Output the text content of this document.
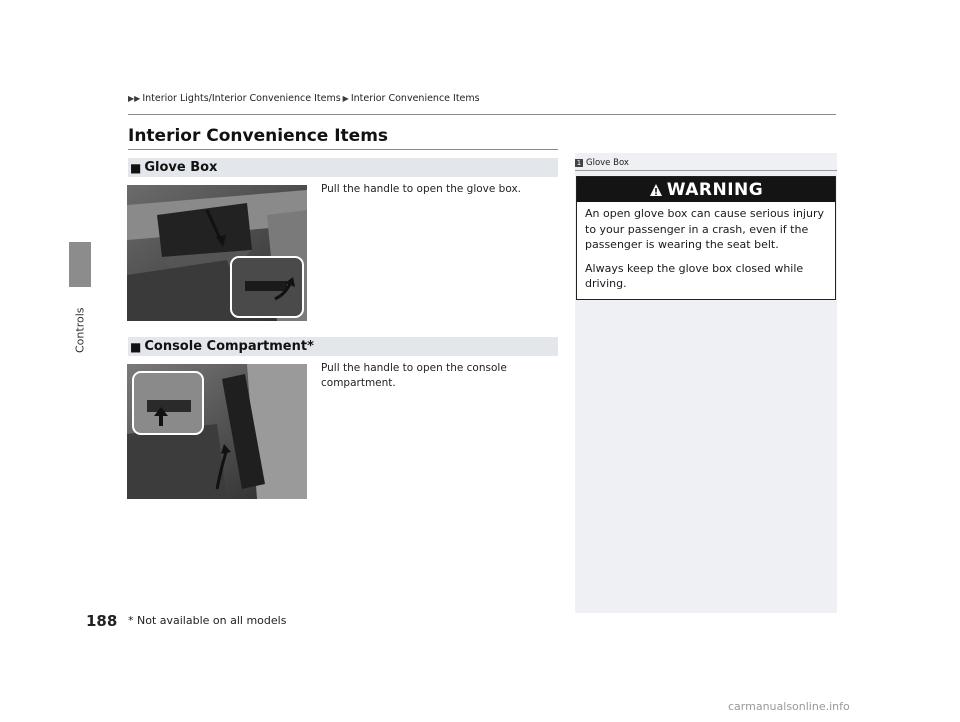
Controls
▶▶ Interior Lights/Interior Convenience Items ▶ Interior Convenience Items
Interior Convenience Items
■ Glove Box
Pull the handle to open the glove box.
■ Console Compartment *
Pull the handle to open the console compartment.
1 Glove Box
WARNING

An open glove box can cause serious injury to your passenger in a crash, even if the passenger is wearing the seat belt.

Always keep the glove box closed while driving.

188 * Not available on all models
carmanualsonline.info
